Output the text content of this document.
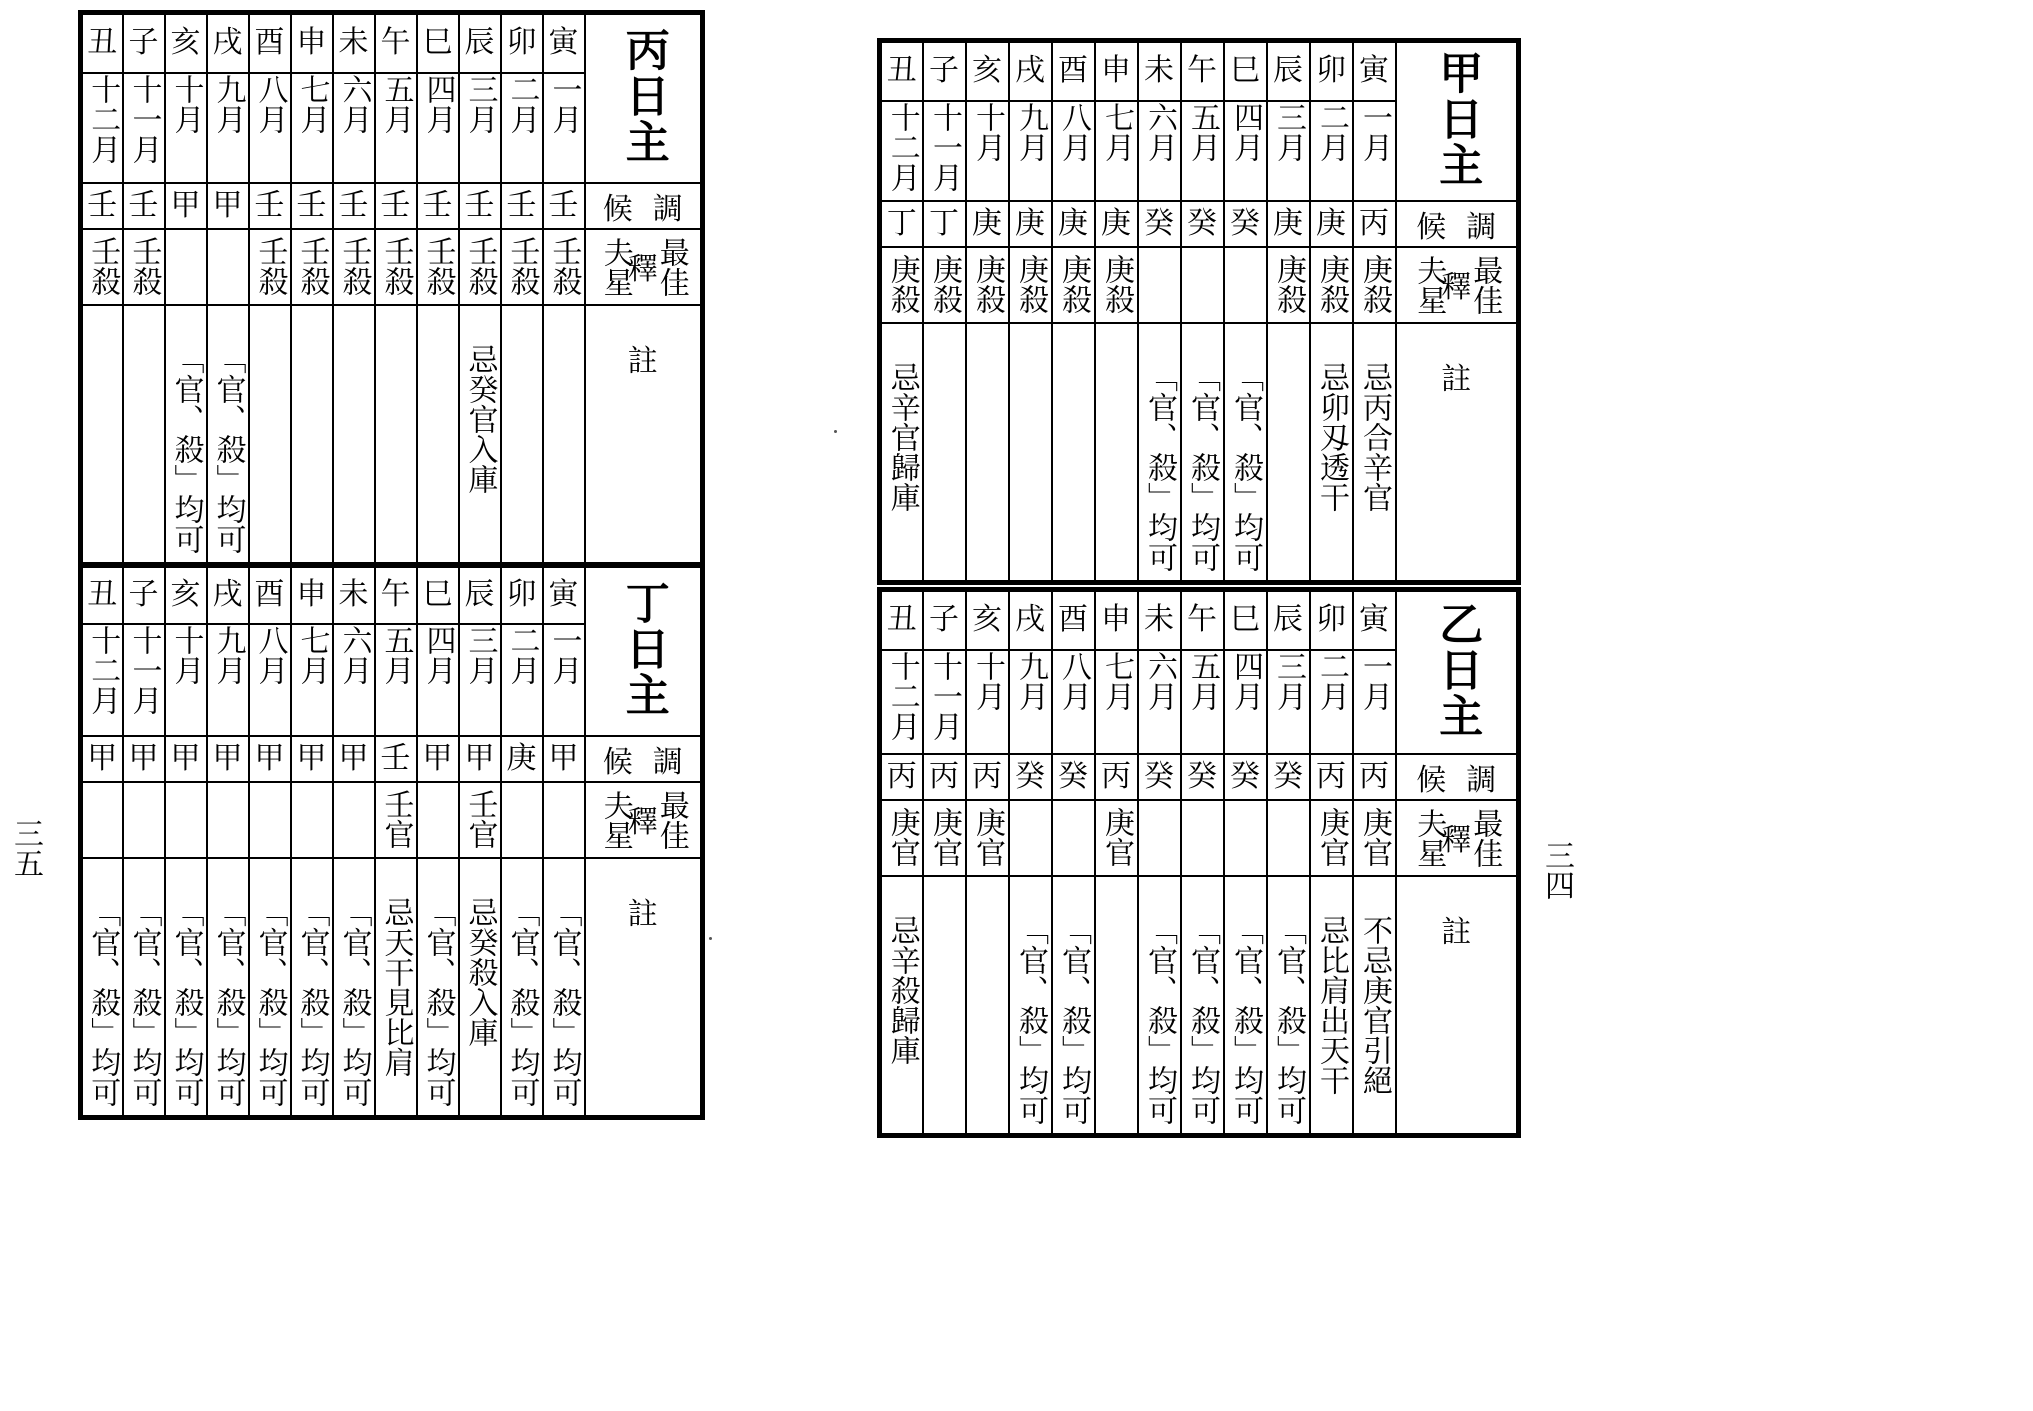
丑	子	亥	戌	酉	申	未	午	巳	辰	卯	寅	丙日主
十二月	十一月	十月	九月	八月	七月	六月	五月	四月	三月	二月	一月	
壬	壬	甲	甲	壬	壬	壬	壬	壬	壬	壬	壬	候 調

壬殺	壬殺			壬殺	壬殺	壬殺	壬殺	壬殺	壬殺	壬殺	壬殺	最佳
夫星

		「官、殺」均可	「官、殺」均可						忌癸官入庫			註
釋
丑	子	亥	戌	酉	申	未	午	巳	辰	卯	寅	丁日主
十二月	十一月	十月	九月	八月	七月	六月	五月	四月	三月	二月	一月	
甲	甲	甲	甲	甲	甲	甲	壬	甲	甲	庚	甲	候 調

							壬官		壬官			最佳
夫星

「官、殺」均可	「官、殺」均可	「官、殺」均可	「官、殺」均可	「官、殺」均可	「官、殺」均可	「官、殺」均可	忌天干見比肩	「官、殺」均可	忌癸殺入庫	「官、殺」均可	「官、殺」均可	註
釋
丑	子	亥	戌	酉	申	未	午	巳	辰	卯	寅	甲日主
十二月	十一月	十月	九月	八月	七月	六月	五月	四月	三月	二月	一月	
丁	丁	庚	庚	庚	庚	癸	癸	癸	庚	庚	丙	候 調

庚殺	庚殺	庚殺	庚殺	庚殺	庚殺				庚殺	庚殺	庚殺	最佳
夫星

忌辛官歸庫						「官、殺」均可	「官、殺」均可	「官、殺」均可		忌卯刄透干	忌丙合辛官	註
釋
丑	子	亥	戌	酉	申	未	午	巳	辰	卯	寅	乙日主
十二月	十一月	十月	九月	八月	七月	六月	五月	四月	三月	二月	一月	
丙	丙	丙	癸	癸	丙	癸	癸	癸	癸	丙	丙	候 調

庚官	庚官	庚官			庚官					庚官	庚官	最佳
夫星

忌辛殺歸庫			「官、殺」均可	「官、殺」均可		「官、殺」均可	「官、殺」均可	「官、殺」均可	「官、殺」均可	忌比肩出天干	不忌庚官引絕	註
釋
三五	三四
